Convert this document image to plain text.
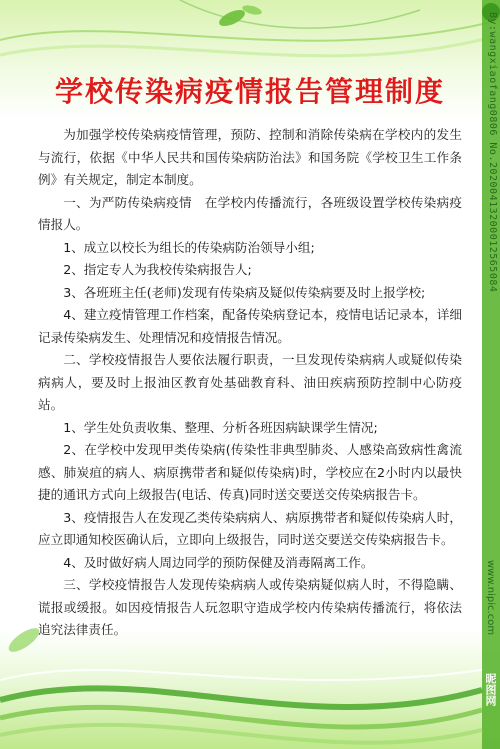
学校传染病疫情报告管理制度

为加强学校传染病疫情管理，预防、控制和消除传染病在学校内的发生与流行，依据《中华人民共和国传染病防治法》和国务院《学校卫生工作条例》有关规定，制定本制度。

一、为严防传染病疫情　在学校内传播流行，各班级设置学校传染病疫情报人。

1、成立以校长为组长的传染病防治领导小组;

2、指定专人为我校传染病报告人;

3、各班班主任(老师)发现有传染病及疑似传染病要及时上报学校;

4、建立疫情管理工作档案，配备传染病登记本，疫情电话记录本，详细记录传染病发生、处理情况和疫情报告情况。

二、学校疫情报告人要依法履行职责，一旦发现传染病病人或疑似传染病病人，要及时上报油区教育处基础教育科、油田疾病预防控制中心防疫站。

1、学生处负责收集、整理、分析各班因病缺课学生情况;

2、在学校中发现甲类传染病(传染性非典型肺炎、人感染高致病性禽流感、肺炭疽的病人、病原携带者和疑似传染病)时，学校应在2小时内以最快捷的通讯方式向上级报告(电话、传真)同时送交要送交传染病报告卡。

3、疫情报告人在发现乙类传染病病人、病原携带者和疑似传染病人时，应立即通知校医确认后，立即向上级报告，同时送交要送交传染病报告卡。

4、及时做好病人周边同学的预防保健及消毒隔离工作。

三、学校疫情报告人发现传染病病人或传染病疑似病人时，不得隐瞒、谎报或缓报。如因疫情报告人玩忽职守造成学校内传染病传播流行，将依法追究法律责任。

By:wangxiaofang0806 No.20200413200012565084
www.nipic.com
昵图网
